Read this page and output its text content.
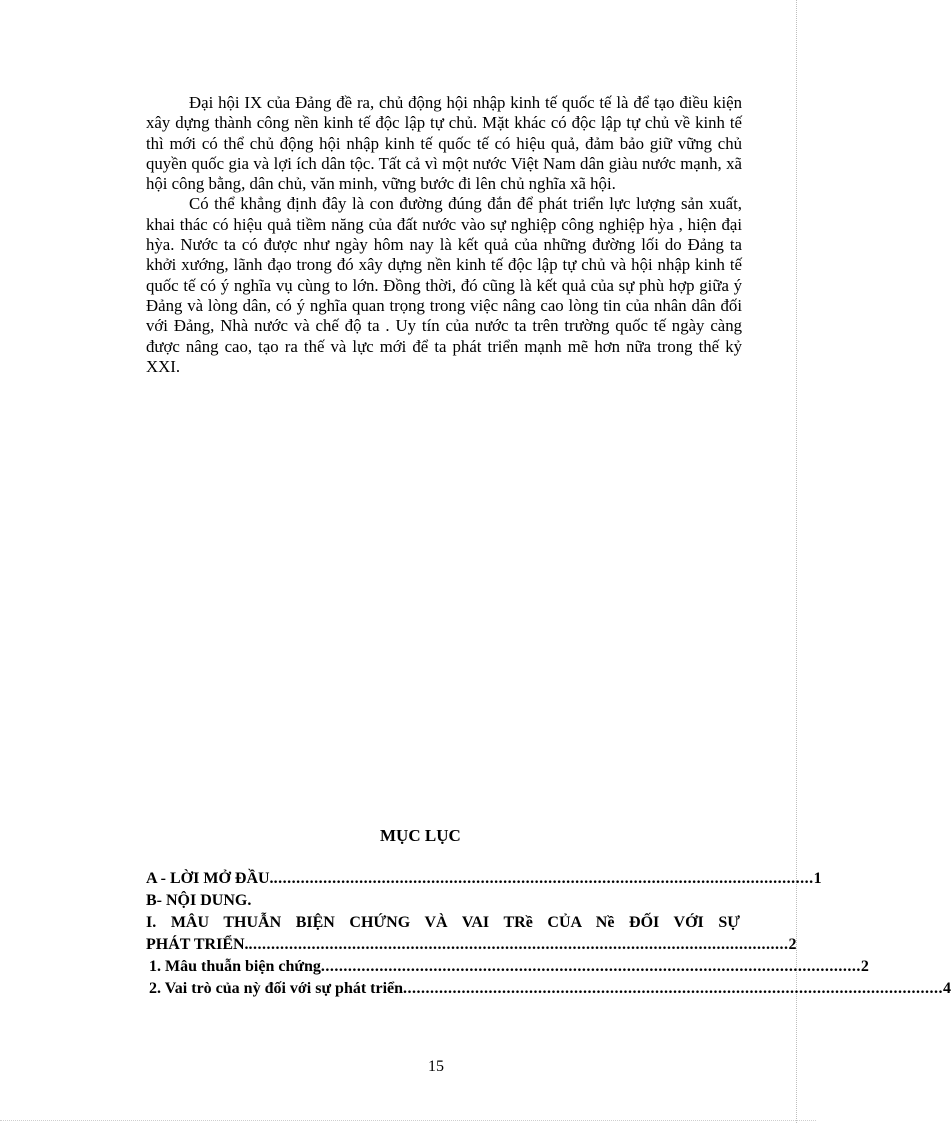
Đại hội IX của Đảng đề ra, chủ động hội nhập kinh tế quốc tế là để tạo điều kiện xây dựng thành công nền kinh tế độc lập tự chủ. Mặt khác có độc lập tự chủ về kinh tế thì mới có thể chủ động hội nhập kinh tế quốc tế có hiệu quả, đảm bảo giữ vững chủ quyền quốc gia và lợi ích dân tộc. Tất cả vì một nước Việt Nam dân giàu nước mạnh, xã hội công bằng, dân chủ, văn minh, vững bước đi lên chủ nghĩa xã hội.

Có thể khẳng định đây là con đường đúng đắn để phát triển lực lượng sản xuất, khai thác có hiệu quả tiềm năng của đất nước vào sự nghiệp công nghiệp hỳa , hiện đại hỳa. Nước ta có được như ngày hôm nay là kết quả của những đường lối do Đảng ta khởi xướng, lãnh đạo trong đó xây dựng nền kinh tế độc lập tự chủ và hội nhập kinh tế quốc tế có ý nghĩa vụ cùng to lớn. Đồng thời, đó cũng là kết quả của sự phù hợp giữa ý Đảng và lòng dân, có ý nghĩa quan trọng trong việc nâng cao lòng tin của nhân dân đối với Đảng, Nhà nước và chế độ ta . Uy tín của nước ta trên trường quốc tế ngày càng được nâng cao, tạo ra thế và lực mới để ta phát triển mạnh mẽ hơn nữa trong thế kỷ XXI.

MỤC LỤC
A - LỜI MỞ ĐẦU. ........................................................................................................................ 1
B- NỘI DUNG.
I. MÂU THUẪN BIỆN CHỨNG VÀ VAI TRề CỦA Nề ĐỐI VỚI SỰ
PHÁT TRIỂN. ........................................................................................................................ 2
1. Mâu thuẫn biện chứng ........................................................................................................................ 2
2. Vai trò của nỳ đối với sự phát triển ........................................................................................................................ 4
15
